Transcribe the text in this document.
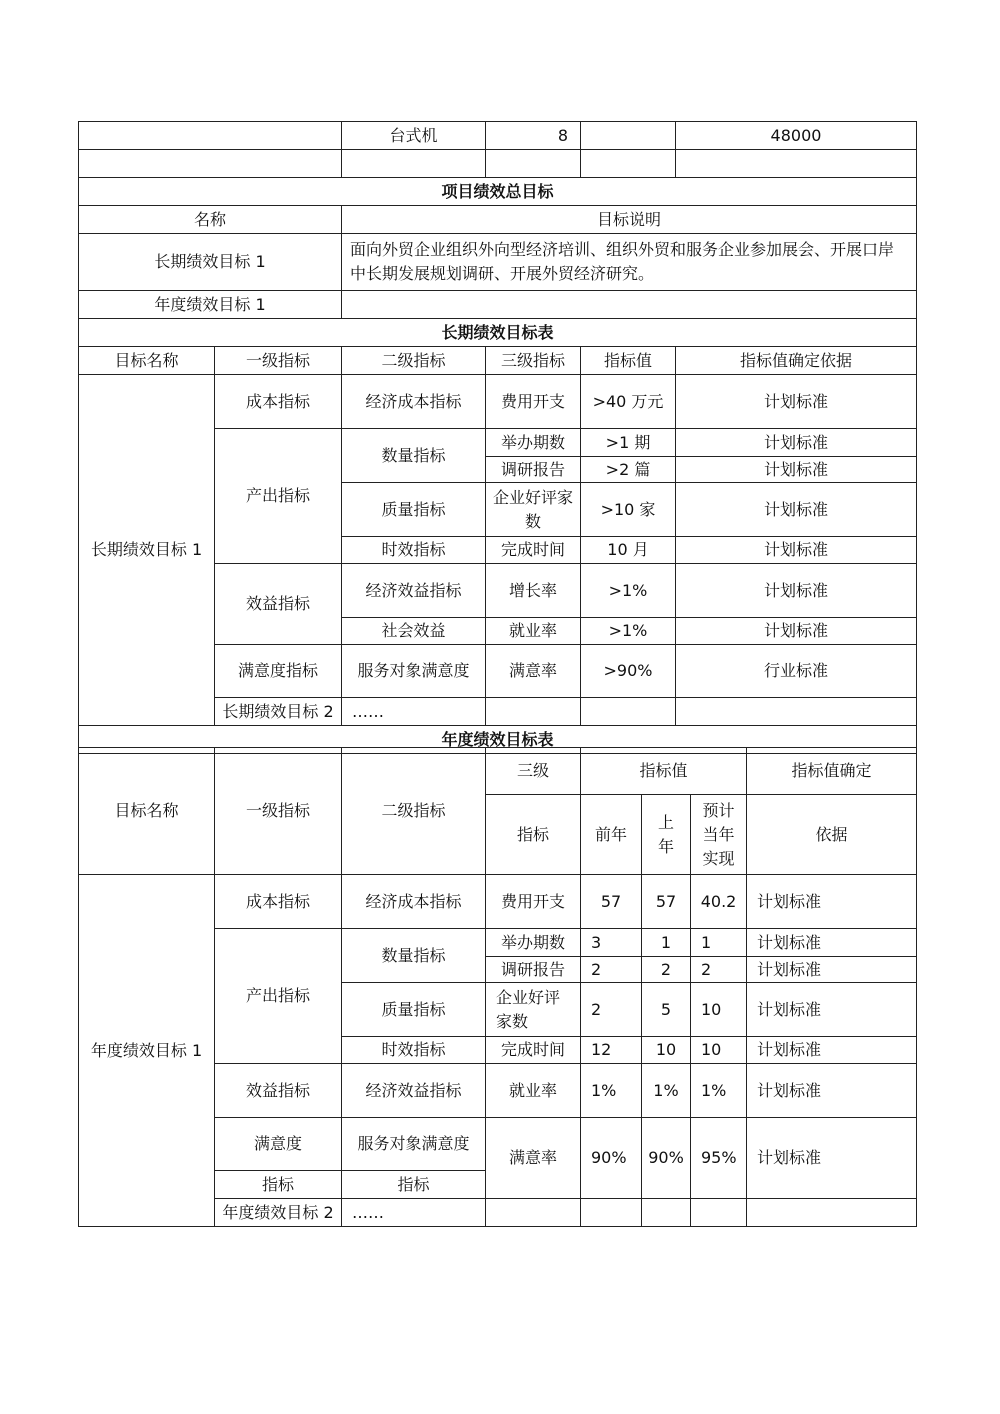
		台式机	8		48000	

项目绩效总目标						
名称		目标说明				
长期绩效目标 1		面向外贸企业组织外向型经济培训、组织外贸和服务企业参加展会、开展口岸中长期发展规划调研、开展外贸经济研究。				
年度绩效目标 1						
长期绩效目标表						
目标名称	一级指标	二级指标	三级指标	指标值	指标值确定依据	
长期绩效目标 1	成本指标	经济成本指标	费用开支	>40 万元	计划标准	
	产出指标	数量指标	举办期数	>1 期	计划标准	
			调研报告	>2 篇	计划标准	
		质量指标	企业好评家数	>10 家	计划标准	
		时效指标	完成时间	10 月	计划标准	
	效益指标	经济效益指标	增长率	>1%	计划标准	
		社会效益	就业率	>1%	计划标准	
	满意度指标	服务对象满意度	满意率	>90%	行业标准	
	长期绩效目标 2	……				
年度绩效目标表						
目标名称	一级指标	二级指标	三级	指标值			指标值确定	
			指标	前年	上年	预计当年实现	依据	
年度绩效目标 1	成本指标	经济成本指标	费用开支	57	57	40.2	计划标准	
	产出指标	数量指标	举办期数	3	1	1	计划标准	
			调研报告	2	2	2	计划标准	
		质量指标	企业好评家数	2	5	10	计划标准	
		时效指标	完成时间	12	10	10	计划标准	
	效益指标	经济效益指标	就业率	1%	1%	1%	计划标准	
	满意度	服务对象满意度	满意率	90%	90%	95%	计划标准	
	指标	指标						
	年度绩效目标 2	……						
